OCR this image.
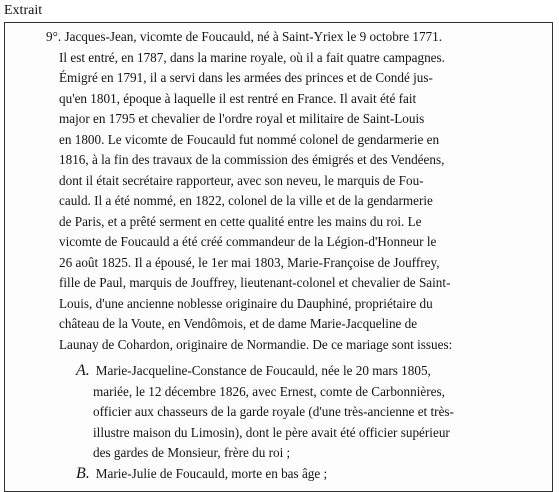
Extrait
9°. Jacques-Jean, vicomte de Foucauld, né à Saint-Yriex le 9 octobre 1771.
Il est entré, en 1787, dans la marine royale, où il a fait quatre campagnes.
Émigré en 1791, il a servi dans les armées des princes et de Condé jus-
qu'en 1801, époque à laquelle il est rentré en France. Il avait été fait
major en 1795 et chevalier de l'ordre royal et militaire de Saint-Louis
en 1800. Le vicomte de Foucauld fut nommé colonel de gendarmerie en
1816, à la fin des travaux de la commission des émigrés et des Vendéens,
dont il était secrétaire rapporteur, avec son neveu, le marquis de Fou-
cauld. Il a été nommé, en 1822, colonel de la ville et de la gendarmerie
de Paris, et a prêté serment en cette qualité entre les mains du roi. Le
vicomte de Foucauld a été créé commandeur de la Légion-d'Honneur le
26 août 1825. Il a épousé, le 1er mai 1803, Marie-Françoise de Jouffrey,
fille de Paul, marquis de Jouffrey, lieutenant-colonel et chevalier de Saint-
Louis, d'une ancienne noblesse originaire du Dauphiné, propriétaire du
château de la Voute, en Vendômois, et de dame Marie-Jacqueline de
Launay de Cohardon, originaire de Normandie. De ce mariage sont issues:
A. Marie-Jacqueline-Constance de Foucauld, née le 20 mars 1805,
mariée, le 12 décembre 1826, avec Ernest, comte de Carbonnières,
officier aux chasseurs de la garde royale (d'une très-ancienne et très-
illustre maison du Limosin), dont le père avait été officier supérieur
des gardes de Monsieur, frère du roi ;
B. Marie-Julie de Foucauld, morte en bas âge ;
